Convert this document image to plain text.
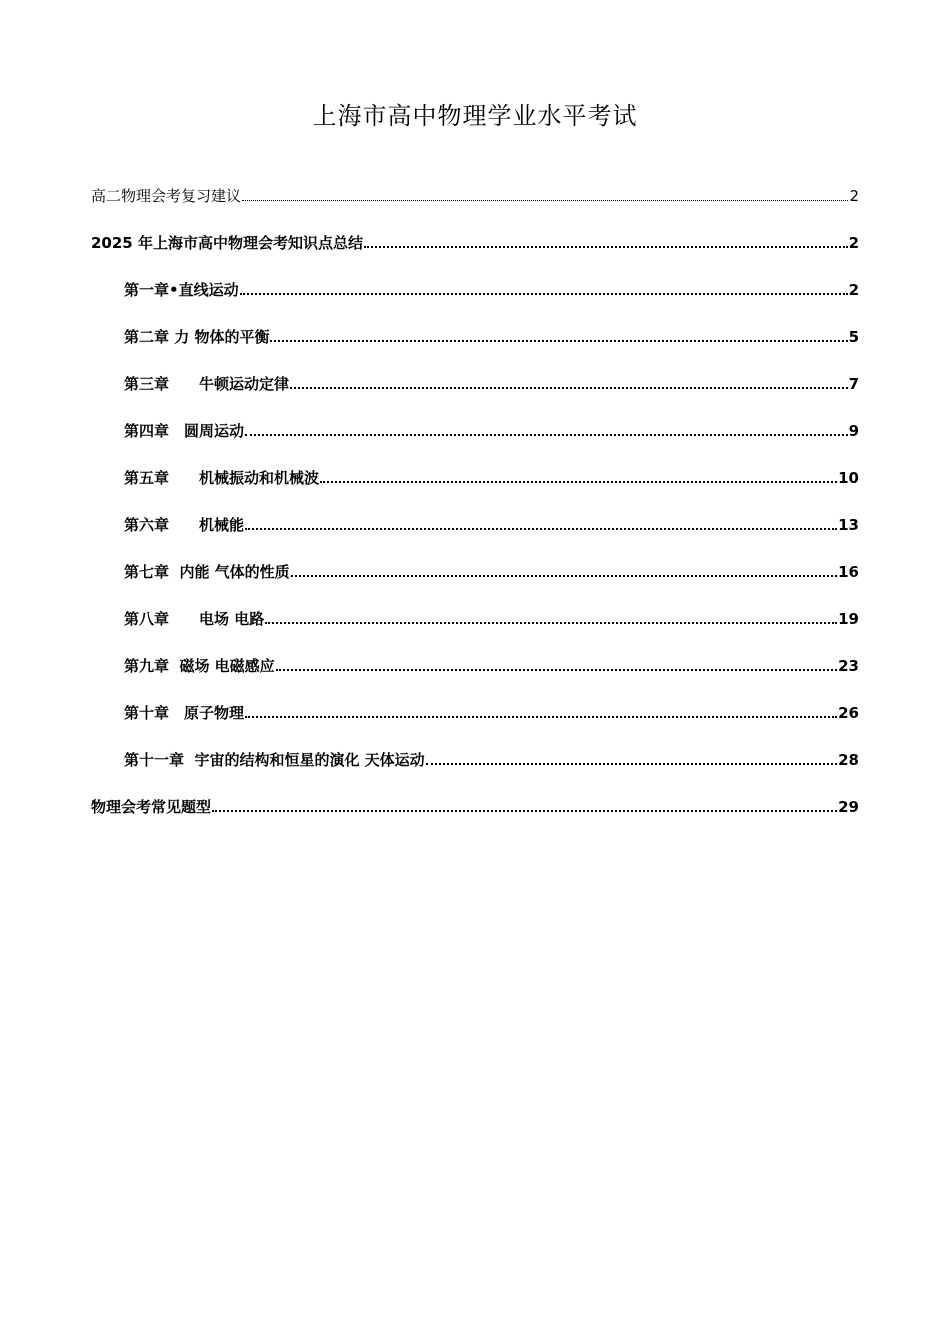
上海市高中物理学业水平考试
高二物理会考复习建议	2
2025 年上海市高中物理会考知识点总结	2
第一章•直线运动	2
第二章 力 物体的平衡	5
第三章　　牛顿运动定律	7
第四章　圆周运动	9
第五章　　机械振动和机械波	10
第六章　　机械能	13
第七章  内能 气体的性质	16
第八章　　电场 电路	19
第九章  磁场 电磁感应	23
第十章　原子物理	26
第十一章  宇宙的结构和恒星的演化 天体运动	28
物理会考常见题型	29
